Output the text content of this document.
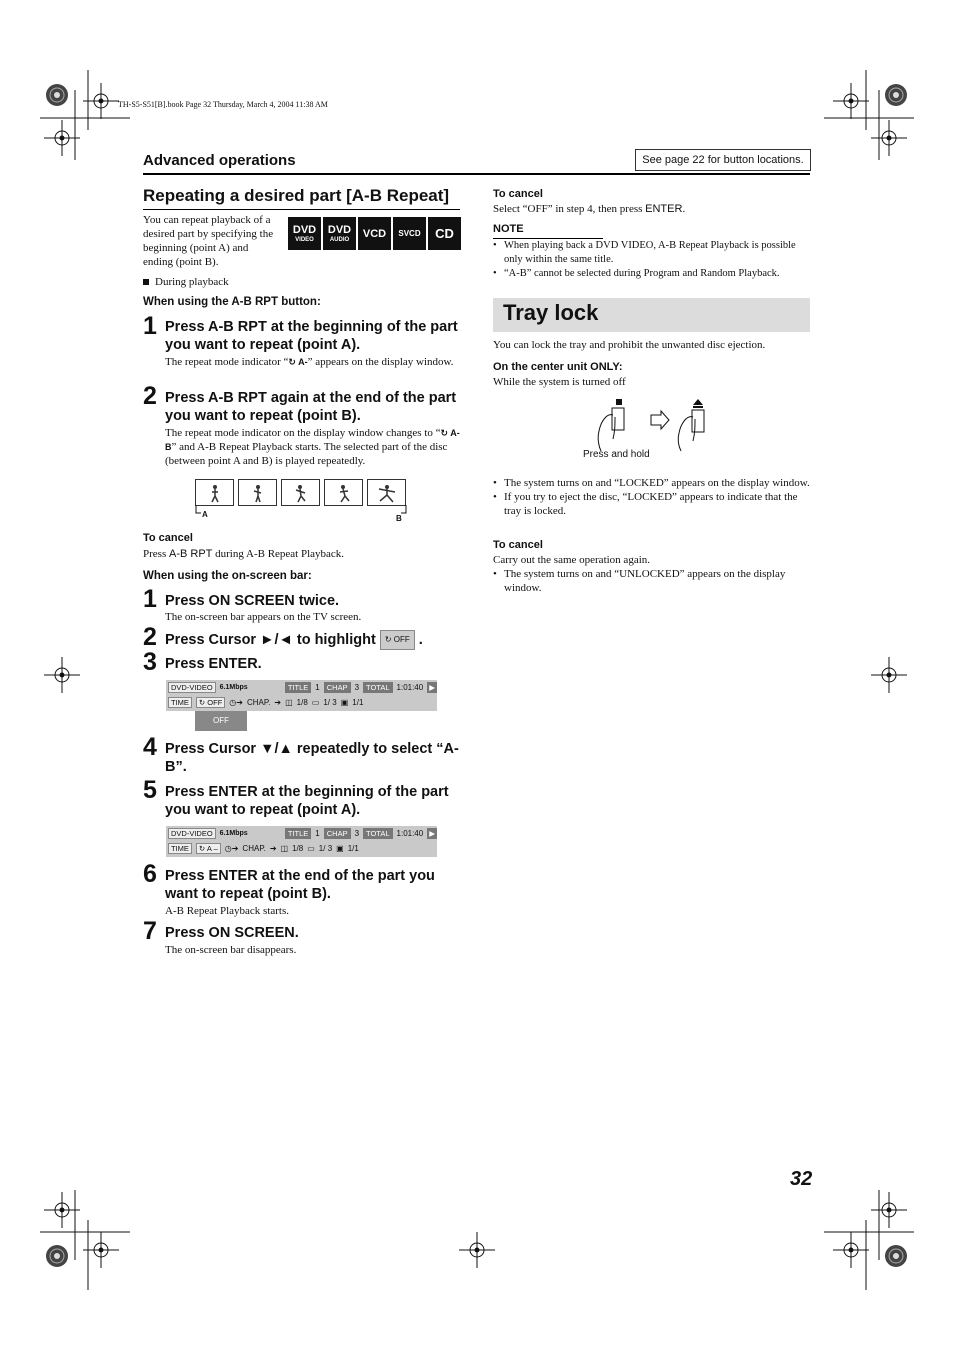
TH-S5-S51[B].book Page 32 Thursday, March 4, 2004 11:38 AM
Advanced operations	See page 22 for button locations.
Repeating a desired part [A-B Repeat]
You can repeat playback of a
desired part by specifying the
beginning (point A) and
ending (point B).
DVD
VIDEO
DVD
AUDIO VCD SVCD CD
During playback
When using the A-B RPT button:
1 Press A-B RPT at the beginning of the part you want to repeat (point A).
The repeat mode indicator “↻ A-” appears on the display window.
2 Press A-B RPT again at the end of the part you want to repeat (point B).
The repeat mode indicator on the display window changes to “↻ A-B” and A-B Repeat Playback starts. The selected part of the disc (between point A and B) is played repeatedly.
A	B
To cancel
Press A-B RPT during A-B Repeat Playback.
When using the on-screen bar:
1 Press ON SCREEN twice.
The on-screen bar appears on the TV screen.
2 Press Cursor ►/◄ to highlight ↻ OFF .
3 Press ENTER.
DVD-VIDEO	6.1Mbps	TITLE 1 CHAP 3 TOTAL 1:01:40 ▶
TIME	↻ OFF ◷➔ CHAP. ➔ ◫ 1/8 ▭ 1/ 3 ▣ 1/1
OFF
4 Press Cursor ▼/▲ repeatedly to select “A-B”.
5 Press ENTER at the beginning of the part you want to repeat (point A).
DVD-VIDEO	6.1Mbps	TITLE 1 CHAP 3 TOTAL 1:01:40 ▶
TIME	↻ A – ◷➔ CHAP. ➔ ◫ 1/8 ▭ 1/ 3 ▣ 1/1
6 Press ENTER at the end of the part you want to repeat (point B).
A-B Repeat Playback starts.
7 Press ON SCREEN.
The on-screen bar disappears.
To cancel
Select “OFF” in step 4, then press ENTER.
NOTE
• When playing back a DVD VIDEO, A-B Repeat Playback is possible only within the same title.
• “A-B” cannot be selected during Program and Random Playback.
Tray lock
You can lock the tray and prohibit the unwanted disc ejection.
On the center unit ONLY:
While the system is turned off
Press and hold
• The system turns on and “LOCKED” appears on the display window.
• If you try to eject the disc, “LOCKED” appears to indicate that the tray is locked.
To cancel
Carry out the same operation again.
• The system turns on and “UNLOCKED” appears on the display window.
32
